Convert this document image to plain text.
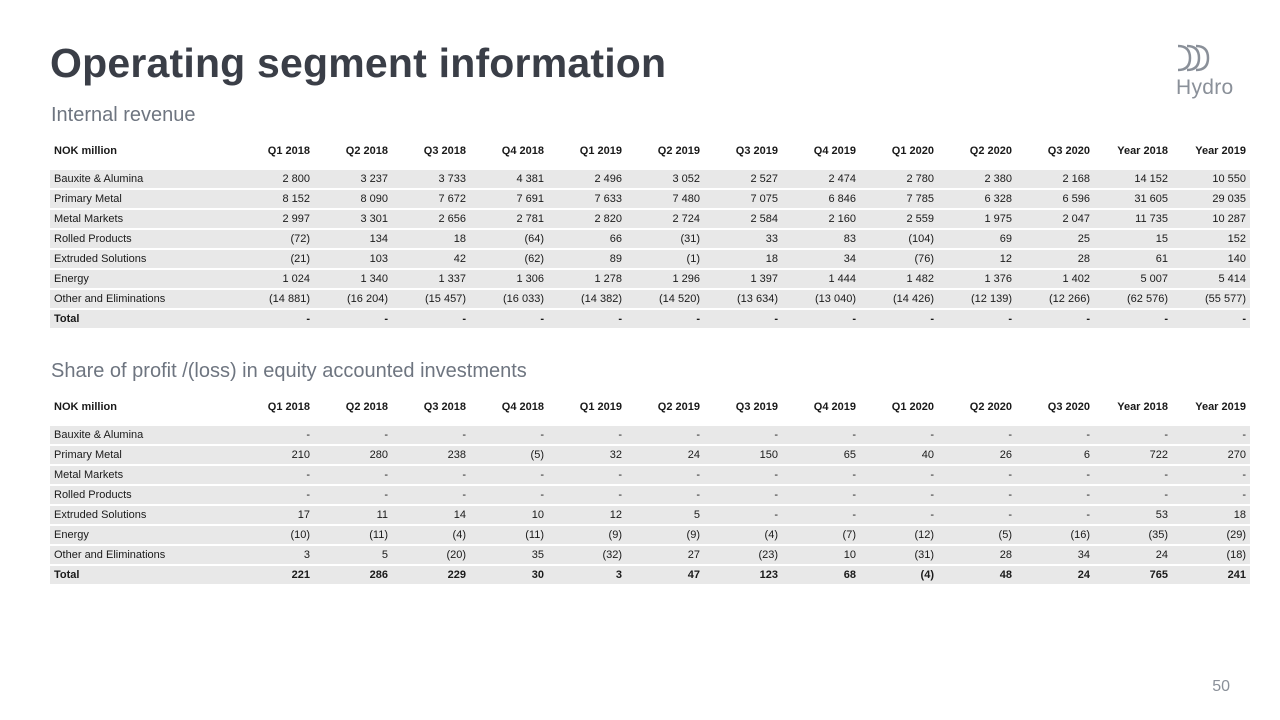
Operating segment information
Hydro
Internal revenue
NOK million	Q1 2018	Q2 2018	Q3 2018	Q4 2018	Q1 2019	Q2 2019	Q3 2019	Q4 2019	Q1 2020	Q2 2020	Q3 2020	Year 2018	Year 2019
Bauxite & Alumina	2 800	3 237	3 733	4 381	2 496	3 052	2 527	2 474	2 780	2 380	2 168	14 152	10 550
Primary Metal	8 152	8 090	7 672	7 691	7 633	7 480	7 075	6 846	7 785	6 328	6 596	31 605	29 035
Metal Markets	2 997	3 301	2 656	2 781	2 820	2 724	2 584	2 160	2 559	1 975	2 047	11 735	10 287
Rolled Products	(72)	134	18	(64)	66	(31)	33	83	(104)	69	25	15	152
Extruded Solutions	(21)	103	42	(62)	89	(1)	18	34	(76)	12	28	61	140
Energy	1 024	1 340	1 337	1 306	1 278	1 296	1 397	1 444	1 482	1 376	1 402	5 007	5 414
Other and Eliminations	(14 881)	(16 204)	(15 457)	(16 033)	(14 382)	(14 520)	(13 634)	(13 040)	(14 426)	(12 139)	(12 266)	(62 576)	(55 577)
Total	-	-	-	-	-	-	-	-	-	-	-	-	-
Share of profit /(loss) in equity accounted investments
NOK million	Q1 2018	Q2 2018	Q3 2018	Q4 2018	Q1 2019	Q2 2019	Q3 2019	Q4 2019	Q1 2020	Q2 2020	Q3 2020	Year 2018	Year 2019
Bauxite & Alumina	-	-	-	-	-	-	-	-	-	-	-	-	-
Primary Metal	210	280	238	(5)	32	24	150	65	40	26	6	722	270
Metal Markets	-	-	-	-	-	-	-	-	-	-	-	-	-
Rolled Products	-	-	-	-	-	-	-	-	-	-	-	-	-
Extruded Solutions	17	11	14	10	12	5	-	-	-	-	-	53	18
Energy	(10)	(11)	(4)	(11)	(9)	(9)	(4)	(7)	(12)	(5)	(16)	(35)	(29)
Other and Eliminations	3	5	(20)	35	(32)	27	(23)	10	(31)	28	34	24	(18)
Total	221	286	229	30	3	47	123	68	(4)	48	24	765	241
50
